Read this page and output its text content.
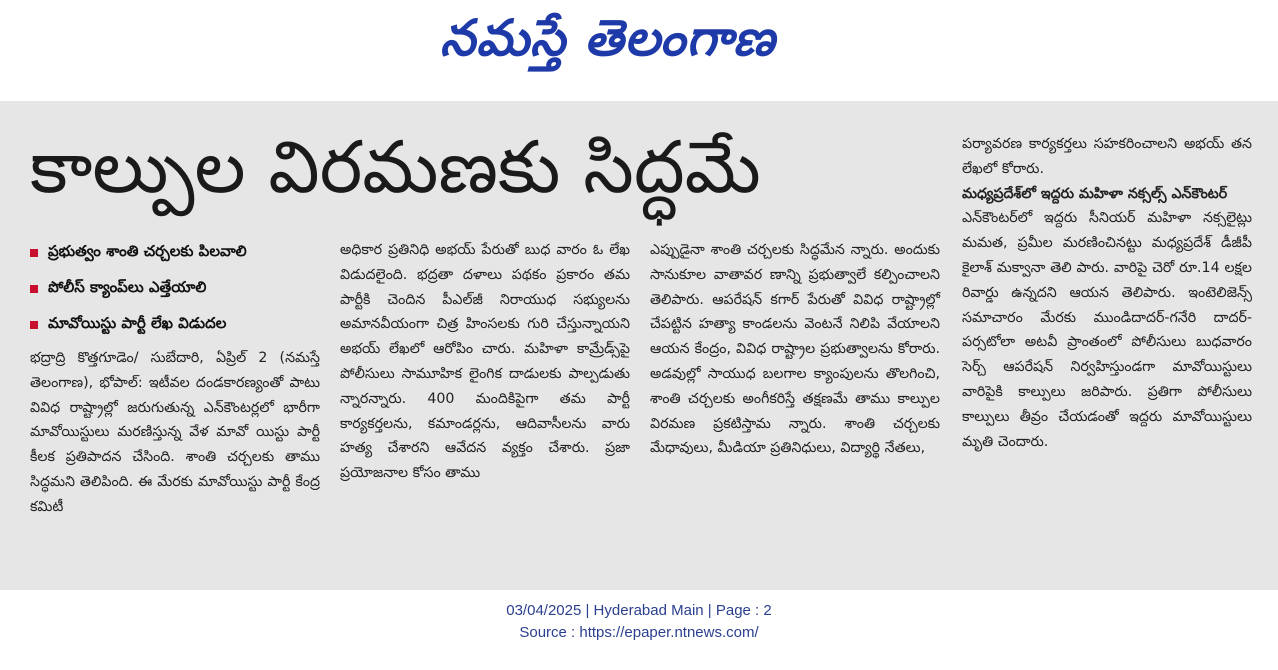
నమస్తే తెలంగాణ
కాల్పుల విరమణకు సిద్ధమే
ప్రభుత్వం శాంతి చర్చలకు పిలవాలి
పోలీస్ క్యాంప్‌లు ఎత్తేయాలి
మావోయిస్టు పార్టీ లేఖ విడుదల

భద్రాద్రి కొత్తగూడెం/ సుబేదారి, ఏప్రిల్ 2 (నమస్తే తెలంగాణ), భోపాల్: ఇటీవల దండకారణ్యంతో పాటు వివిధ రాష్ట్రాల్లో జరుగుతున్న ఎన్‌కౌంటర్లలో భారీగా మావోయిస్టులు మరణిస్తున్న వేళ మావో యిస్టు పార్టీ కీలక ప్రతిపాదన చేసింది. శాంతి చర్చలకు తాము సిద్ధమని తెలిపింది. ఈ మేరకు మావోయిస్టు పార్టీ కేంద్ర కమిటీ

అధికార ప్రతినిధి అభయ్ పేరుతో బుధ వారం ఓ లేఖ విడుదలైంది. భద్రతా దళాలు పథకం ప్రకారం తమ పార్టీకి చెందిన పీఎల్‌జీ నిరాయుధ సభ్యులను అమానవీయంగా చిత్ర హింసలకు గురి చేస్తున్నాయని అభయ్ లేఖలో ఆరోపిం చారు. మహిళా కామ్రేడ్స్‌పై పోలీసులు సామూహిక లైంగిక దాడులకు పాల్పడుతు న్నారన్నారు. 400 మందికిపైగా తమ పార్టీ కార్యకర్తలను, కమాండర్లను, ఆదివాసీలను వారు హత్య చేశారని ఆవేదన వ్యక్తం చేశారు. ప్రజా ప్రయోజనాల కోసం తాము

ఎప్పుడైనా శాంతి చర్చలకు సిద్ధమేన న్నారు. అందుకు సానుకూల వాతావర ణాన్ని ప్రభుత్వాలే కల్పించాలని తెలిపారు. ఆపరేషన్ కగార్ పేరుతో వివిధ రాష్ట్రాల్లో చేపట్టిన హత్యా కాండలను వెంటనే నిలిపి వేయాలని ఆయన కేంద్రం, వివిధ రాష్ట్రాల ప్రభుత్వాలను కోరారు. అడవుల్లో సాయుధ బలగాల క్యాంపులను తొలగించి, శాంతి చర్చలకు అంగీకరిస్తే తక్షణమే తాము కాల్పుల విరమణ ప్రకటిస్తామ న్నారు. శాంతి చర్చలకు మేధావులు, మీడియా ప్రతినిధులు, విద్యార్థి నేతలు,

పర్యావరణ కార్యకర్తలు సహకరించాలని అభయ్ తన లేఖలో కోరారు.

మధ్యప్రదేశ్‌లో ఇద్దరు మహిళా నక్సల్స్ ఎన్‌కౌంటర్

ఎన్‌కౌంటర్‌లో ఇద్దరు సీనియర్ మహిళా నక్సలైట్లు మమత, ప్రమీల మరణించినట్టు మధ్యప్రదేశ్ డీజీపీ కైలాశ్ మక్వానా తెలి పారు. వారిపై చెరో రూ.14 లక్షల రివార్డు ఉన్నదని ఆయన తెలిపారు. ఇంటెలిజెన్స్ సమాచారం మేరకు ముండిదాదర్-గనేరి దాదర్-పర్సటోలా అటవీ ప్రాంతంలో పోలీసులు బుధవారం సెర్చ్ ఆపరేషన్ నిర్వహిస్తుండగా మావోయిస్టులు వారిపైకి కాల్పులు జరిపారు. ప్రతిగా పోలీసులు కాల్పులు తీవ్రం చేయడంతో ఇద్దరు మావోయిస్టులు మృతి చెందారు.

03/04/2025 | Hyderabad Main | Page : 2
Source : https://epaper.ntnews.com/
